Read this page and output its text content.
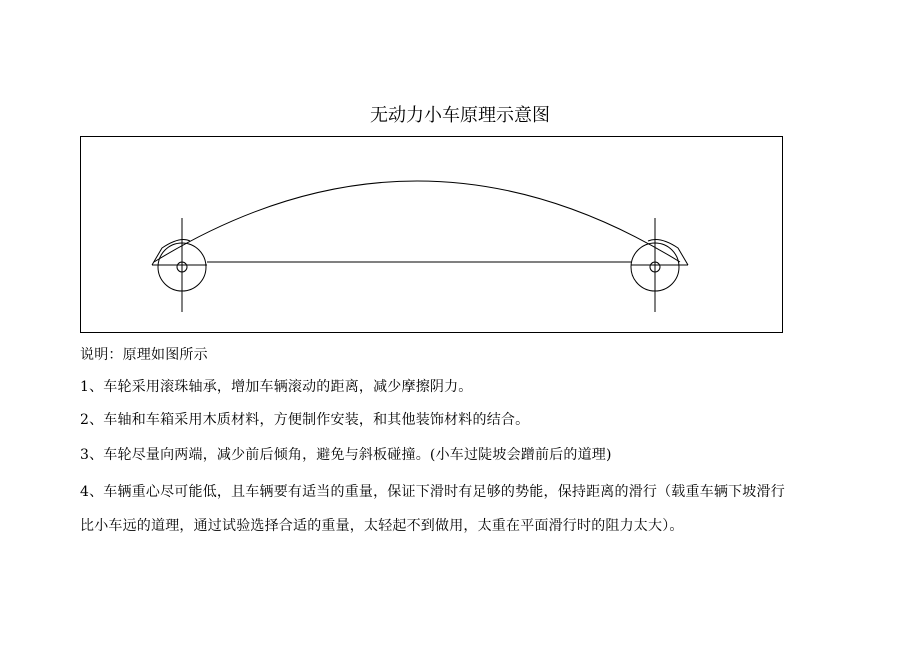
无动力小车原理示意图
说明：原理如图所示
1、车轮采用滚珠轴承，增加车辆滚动的距离，减少摩擦阴力。
2、车轴和车箱采用木质材料，方便制作安装，和其他装饰材料的结合。
3、车轮尽量向两端，减少前后倾角，避免与斜板碰撞。(小车过陡坡会蹭前后的道理)
4、车辆重心尽可能低，且车辆要有适当的重量，保证下滑时有足够的势能，保持距离的滑行（载重车辆下坡滑行
比小车远的道理，通过试验选择合适的重量，太轻起不到做用，太重在平面滑行时的阻力太大）。
